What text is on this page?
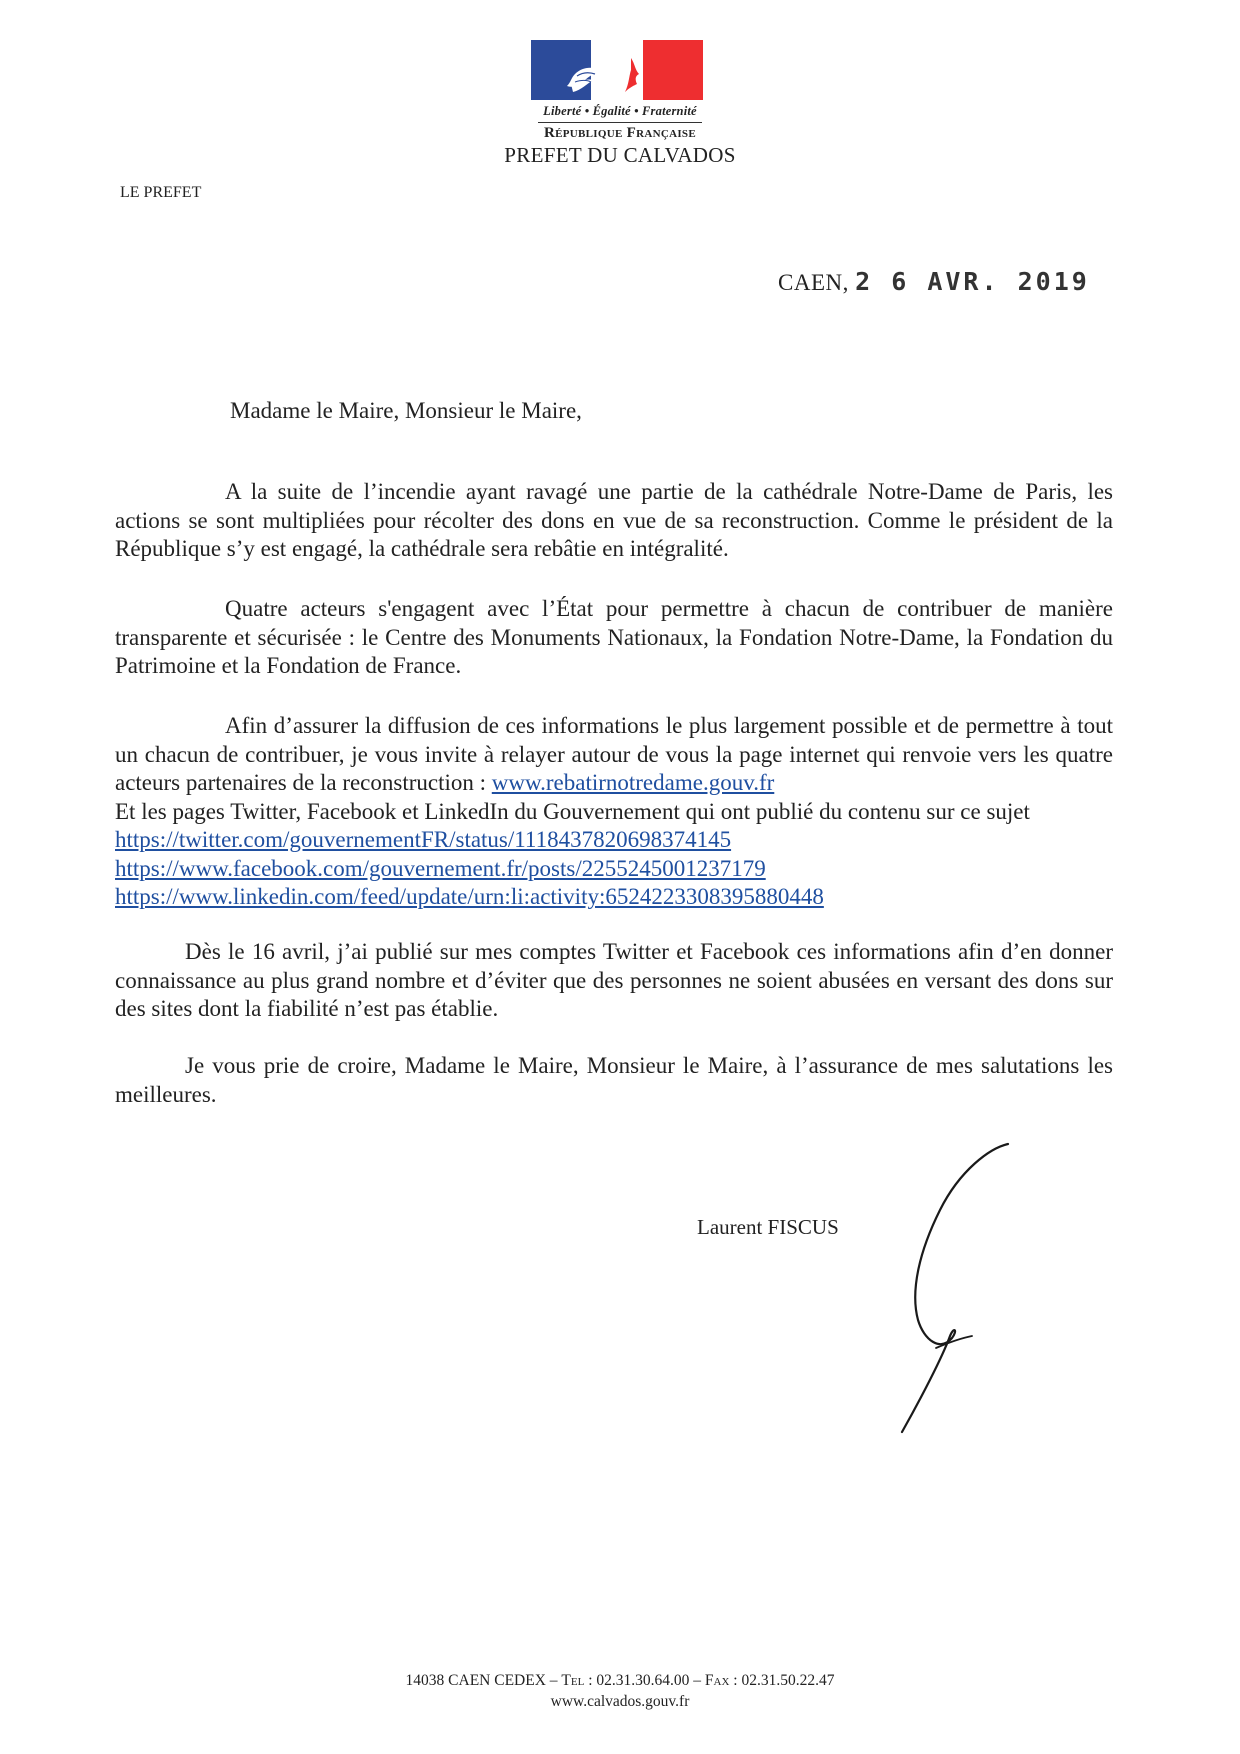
Liberté • Égalité • Fraternité
République Française
PREFET DU CALVADOS
LE PREFET
CAEN, 2 6 AVR. 2019
Madame le Maire, Monsieur le Maire,
A la suite de l’incendie ayant ravagé une partie de la cathédrale Notre-Dame de Paris, les actions se sont multipliées pour récolter des dons en vue de sa reconstruction. Comme le président de la République s’y est engagé, la cathédrale sera rebâtie en intégralité.
Quatre acteurs s'engagent avec l’État pour permettre à chacun de contribuer de manière transparente et sécurisée : le Centre des Monuments Nationaux, la Fondation Notre-Dame, la Fondation du Patrimoine et la Fondation de France.
Afin d’assurer la diffusion de ces informations le plus largement possible et de permettre à tout un chacun de contribuer, je vous invite à relayer autour de vous la page internet qui renvoie vers les quatre acteurs partenaires de la reconstruction : www.rebatirnotredame.gouv.fr
Et les pages Twitter, Facebook et LinkedIn du Gouvernement qui ont publié du contenu sur ce sujet
https://twitter.com/gouvernementFR/status/1118437820698374145
https://www.facebook.com/gouvernement.fr/posts/2255245001237179
https://www.linkedin.com/feed/update/urn:li:activity:6524223308395880448
Dès le 16 avril, j’ai publié sur mes comptes Twitter et Facebook ces informations afin d’en donner connaissance au plus grand nombre et d’éviter que des personnes ne soient abusées en versant des dons sur des sites dont la fiabilité n’est pas établie.
Je vous prie de croire, Madame le Maire, Monsieur le Maire, à l’assurance de mes salutations les meilleures.
Laurent FISCUS
14038 CAEN CEDEX – Tel : 02.31.30.64.00 – Fax : 02.31.50.22.47
www.calvados.gouv.fr
